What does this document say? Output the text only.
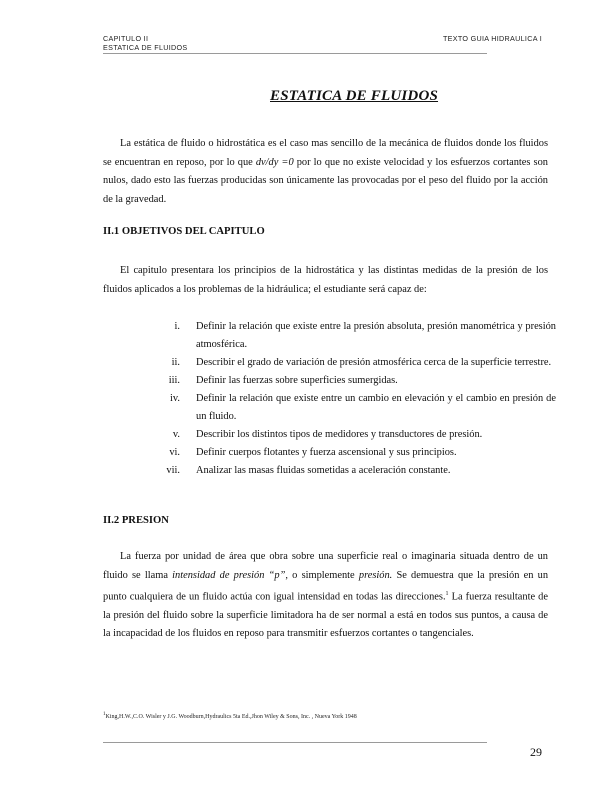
CAPITULO II
ESTATICA DE FLUIDOS
TEXTO GUIA HIDRAULICA I
ESTATICA DE FLUIDOS

La estática de fluido o hidrostática es el caso mas sencillo de la mecánica de fluidos donde los fluidos se encuentran en reposo, por lo que dv/dy =0 por lo que no existe velocidad y los esfuerzos cortantes son nulos, dado esto las fuerzas producidas son únicamente las provocadas por el peso del fluido por la acción de la gravedad.

II.1 OBJETIVOS DEL CAPITULO

El capitulo presentara los principios de la hidrostática y las distintas medidas de la presión de los fluidos aplicados a los problemas de la hidráulica; el estudiante será capaz de:

i. Definir la relación que existe entre la presión absoluta, presión manométrica y presión atmosférica.
ii. Describir el grado de variación de presión atmosférica cerca de la superficie terrestre.
iii. Definir las fuerzas sobre superficies sumergidas.
iv. Definir la relación que existe entre un cambio en elevación y el cambio en presión de un fluido.
v. Describir los distintos tipos de medidores y transductores de presión.
vi. Definir cuerpos flotantes y fuerza ascensional y sus principios.
vii. Analizar las masas fluidas sometidas a aceleración constante.
II.2 PRESION

La fuerza por unidad de área que obra sobre una superficie real o imaginaria situada dentro de un fluido se llama intensidad de presión “p”, o simplemente presión. Se demuestra que la presión en un punto cualquiera de un fluido actúa con igual intensidad en todas las direcciones.$^1$ La fuerza resultante de la presión del fluido sobre la superficie limitadora ha de ser normal a está en todos sus puntos, a causa de la incapacidad de los fluidos en reposo para transmitir esfuerzos cortantes o tangenciales.

$^1$King,H.W.,C.O. Wisler y J.G. Woodburn,Hydraulics 5ta Ed.,Jhon Wiley & Sons, Inc. , Nueva York 1948
29
